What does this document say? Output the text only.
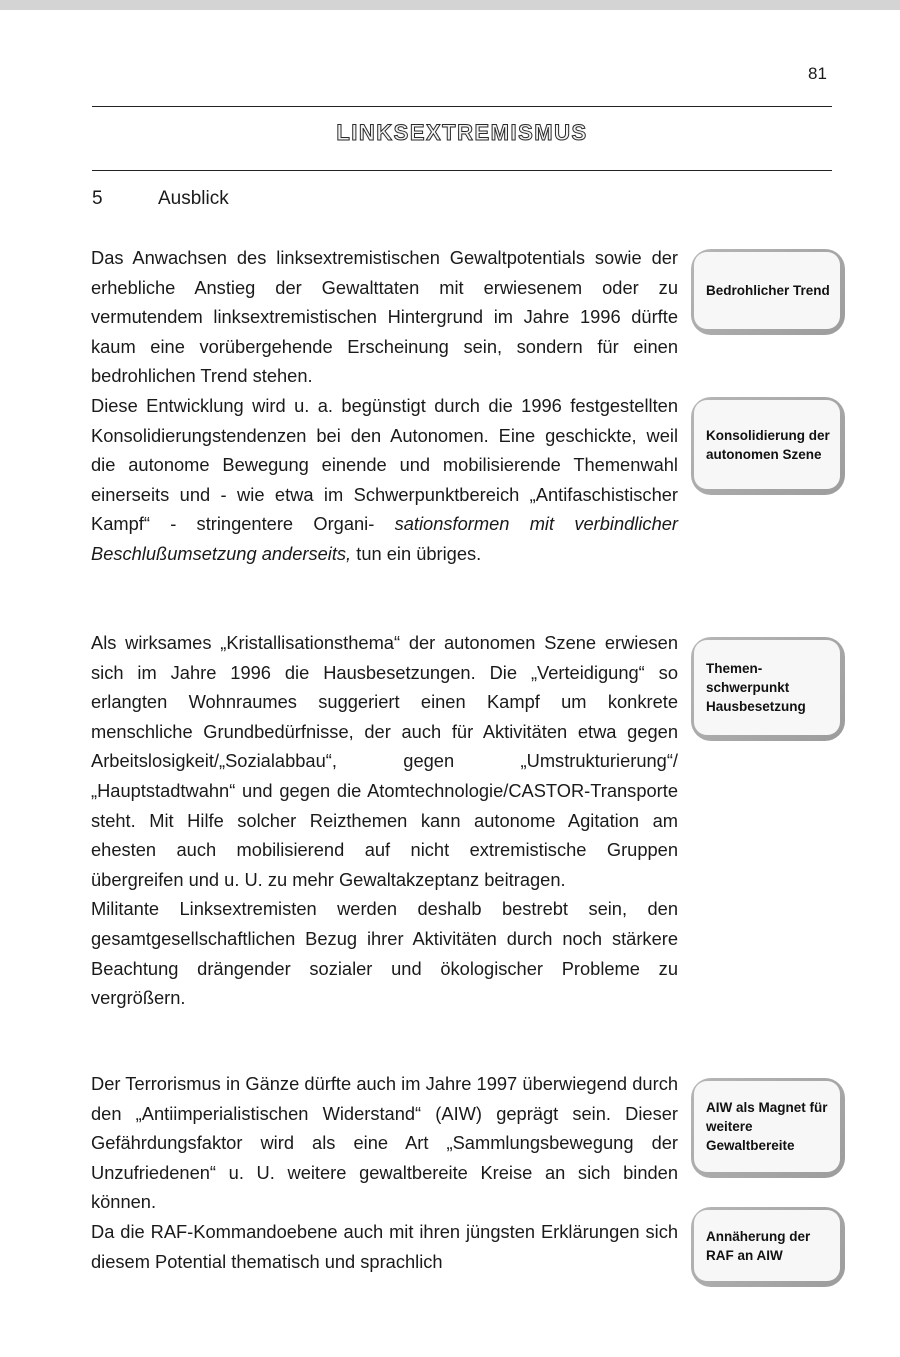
81
LINKSEXTREMISMUS
5	Ausblick

Das Anwachsen des linksextremistischen Gewaltpotentials sowie der erhebliche Anstieg der Gewalttaten mit erwiesenem oder zu vermutendem linksextremistischen Hintergrund im Jahre 1996 dürfte kaum eine vorübergehende Erscheinung sein, sondern für einen bedrohlichen Trend stehen.

Diese Entwicklung wird u. a. begünstigt durch die 1996 festgestellten Konsolidierungstendenzen bei den Autonomen. Eine geschickte, weil die autonome Bewegung einende und mobilisierende Themenwahl einerseits und - wie etwa im Schwerpunktbereich „Antifaschistischer Kampf“ - stringentere Organi- sationsformen mit verbindlicher Beschlußumsetzung anderseits, tun ein übriges.

Als wirksames „Kristallisationsthema“ der autonomen Szene erwiesen sich im Jahre 1996 die Hausbesetzungen. Die „Verteidigung“ so erlangten Wohnraumes suggeriert einen Kampf um konkrete menschliche Grundbedürfnisse, der auch für Aktivitäten etwa gegen Arbeitslosigkeit/„Sozialabbau“, gegen „Umstrukturierung“/„Hauptstadtwahn“ und gegen die Atomtechnologie/CASTOR-Transporte steht. Mit Hilfe solcher Reizthemen kann autonome Agitation am ehesten auch mobilisierend auf nicht extremistische Gruppen übergreifen und u. U. zu mehr Gewaltakzeptanz beitragen.

Militante Linksextremisten werden deshalb bestrebt sein, den gesamtgesellschaftlichen Bezug ihrer Aktivitäten durch noch stärkere Beachtung drängender sozialer und ökologischer Probleme zu vergrößern.

Der Terrorismus in Gänze dürfte auch im Jahre 1997 überwiegend durch den „Antiimperialistischen Widerstand“ (AIW) geprägt sein. Dieser Gefährdungsfaktor wird als eine Art „Sammlungsbewegung der Unzufriedenen“ u. U. weitere gewaltbereite Kreise an sich binden können.

Da die RAF-Kommandoebene auch mit ihren jüngsten Erklärungen sich diesem Potential thematisch und sprachlich

Bedrohlicher Trend
Konsolidierung der autonomen Szene
Themen-schwerpunkt Hausbesetzung
AIW als Magnet für weitere Gewaltbereite
Annäherung der RAF an AIW
